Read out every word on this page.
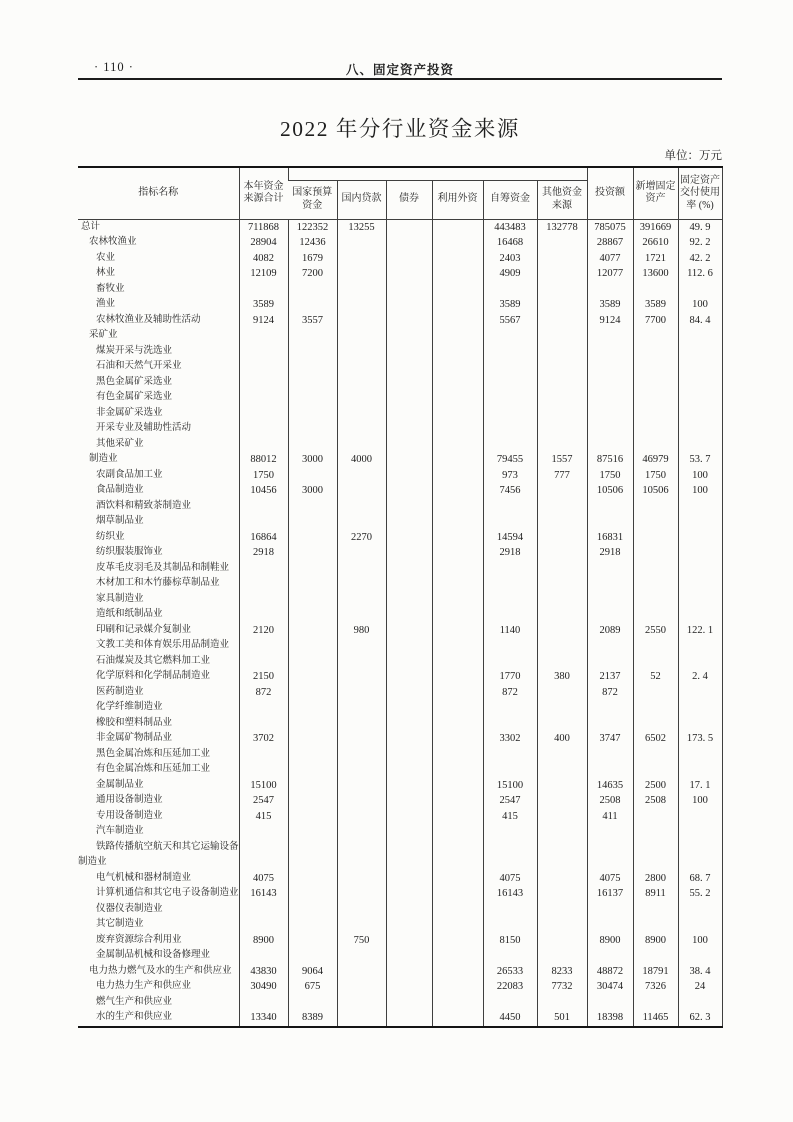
· 110 ·	八、固定资产投资
2022 年分行业资金来源
单位：万元
指标名称	本年资金来源合计							投资额	新增固定资产	固定资产交付使用率 (%)
		国家预算资金	国内贷款	债券	利用外资	自筹资金	其他资金来源			
总计	711868	122352	13255			443483	132778	785075	391669	49. 9
农林牧渔业	28904	12436				16468		28867	26610	92. 2
农业	4082	1679				2403		4077	1721	42. 2
林业	12109	7200				4909		12077	13600	112. 6
畜牧业										
渔业	3589					3589		3589	3589	100
农林牧渔业及辅助性活动	9124	3557				5567		9124	7700	84. 4
采矿业										
煤炭开采与洗选业										
石油和天然气开采业										
黑色金属矿采选业										
有色金属矿采选业										
非金属矿采选业										
开采专业及辅助性活动										
其他采矿业										
制造业	88012	3000	4000			79455	1557	87516	46979	53. 7
农副食品加工业	1750					973	777	1750	1750	100
食品制造业	10456	3000				7456		10506	10506	100
酒饮料和精致茶制造业										
烟草制品业										
纺织业	16864		2270			14594		16831		
纺织服装服饰业	2918					2918		2918		
皮革毛皮羽毛及其制品和制鞋业										
木材加工和木竹藤棕草制品业										
家具制造业										
造纸和纸制品业										
印刷和记录媒介复制业	2120		980			1140		2089	2550	122. 1
文教工美和体育娱乐用品制造业										
石油煤炭及其它燃料加工业										
化学原料和化学制品制造业	2150					1770	380	2137	52	2. 4
医药制造业	872					872		872		
化学纤维制造业										
橡胶和塑料制品业										
非金属矿物制品业	3702					3302	400	3747	6502	173. 5
黑色金属冶炼和压延加工业										
有色金属冶炼和压延加工业										
金属制品业	15100					15100		14635	2500	17. 1
通用设备制造业	2547					2547		2508	2508	100
专用设备制造业	415					415		411		
汽车制造业										
铁路传播航空航天和其它运输设备制造业										
电气机械和器材制造业	4075					4075		4075	2800	68. 7
计算机通信和其它电子设备制造业	16143					16143		16137	8911	55. 2
仪器仪表制造业										
其它制造业										
废弃资源综合利用业	8900		750			8150		8900	8900	100
金属制品机械和设备修理业										
电力热力燃气及水的生产和供应业	43830	9064				26533	8233	48872	18791	38. 4
电力热力生产和供应业	30490	675				22083	7732	30474	7326	24
燃气生产和供应业										
水的生产和供应业	13340	8389				4450	501	18398	11465	62. 3
